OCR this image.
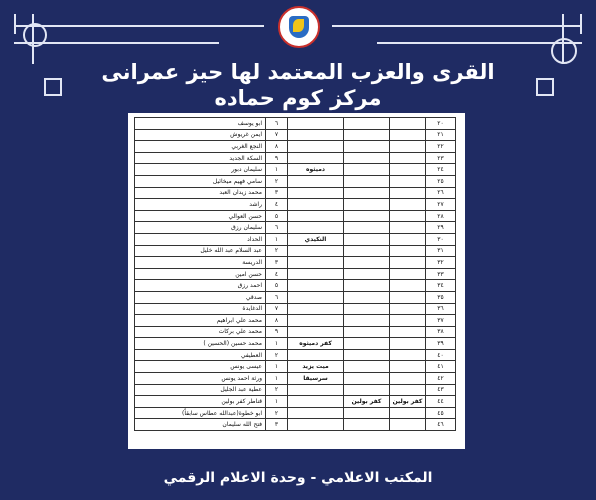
القرى والعزب المعتمد لها حيز عمرانى
مركز كوم حماده
٢٠				٦	ابو يوسف
٢١				٧	ايمن غريوش
٢٢				٨	النجع الغربي
٢٣				٩	السكة الجديد
٢٤			دميثوه	١	سليمان دبور
٢٥				٢	سامي فهيم ميخائيل
٢٦				٣	محمد زيدان العبد
٢٧				٤	راشد
٢٨				٥	حسن العوالي
٢٩				٦	سليمان رزق
٣٠			النكيدي	١	الحداد
٣١				٢	عبد السلام عبد الله خليل
٣٢				٣	الدريسة
٣٣				٤	حسن امين
٣٤				٥	احمد رزق
٣٥				٦	صدقي
٣٦				٧	الدغايدة
٣٧				٨	محمد علي ابراهيم
٣٨				٩	محمد علي بركات
٣٩			كفر دميثوه	١	محمد حسين (الحسين )
٤٠				٢	العطيفي
٤١			ميت يزيد	١	عيسى يونس
٤٢			سرسيقا	١	ورثة احمد يونس
٤٣				٢	عطية عبد الجليل
٤٤	كفر بولين	كفر بولين		١	قناطر كفر بولين
٤٥				٢	ابو خطوة(عبدالله عطاس سابقاً)
٤٦				٣	فتح الله سليمان
المكتب الاعلامي - وحدة الاعلام الرقمي
